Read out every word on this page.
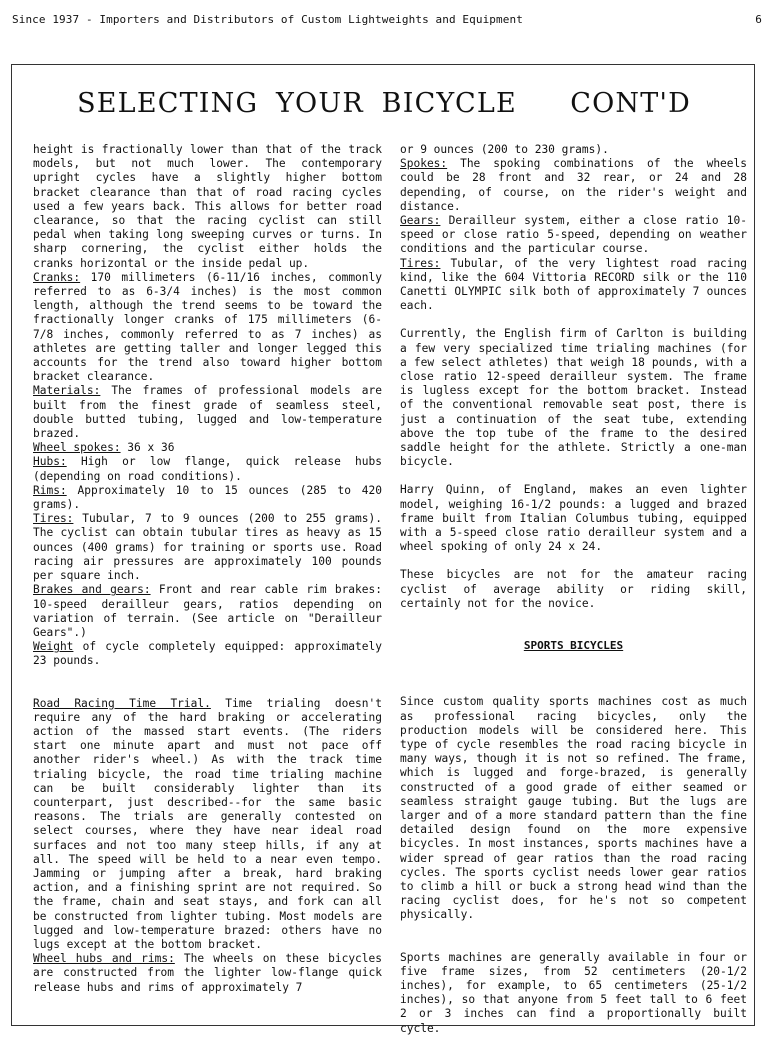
Since 1937 - Importers and Distributors of Custom Lightweights and Equipment	6
SELECTING YOUR BICYCLE   CONT'D

height is fractionally lower than that of the track models, but not much lower. The contemporary upright cycles have a slightly higher bottom bracket clearance than that of road racing cycles used a few years back. This allows for better road clearance, so that the racing cyclist can still pedal when taking long sweeping curves or turns. In sharp cornering, the cyclist either holds the cranks horizontal or the inside pedal up.

Cranks: 170 millimeters (6-11/16 inches, commonly referred to as 6-3/4 inches) is the most common length, although the trend seems to be toward the fractionally longer cranks of 175 millimeters (6-7/8 inches, commonly referred to as 7 inches) as athletes are getting taller and longer legged this accounts for the trend also toward higher bottom bracket clearance.

Materials: The frames of professional models are built from the finest grade of seamless steel, double butted tubing, lugged and low-temperature brazed.

Wheel spokes: 36 x 36

Hubs: High or low flange, quick release hubs (depending on road conditions).

Rims: Approximately 10 to 15 ounces (285 to 420 grams).

Tires: Tubular, 7 to 9 ounces (200 to 255 grams). The cyclist can obtain tubular tires as heavy as 15 ounces (400 grams) for training or sports use. Road racing air pressures are approximately 100 pounds per square inch.

Brakes and gears: Front and rear cable rim brakes: 10-speed derailleur gears, ratios depending on variation of terrain. (See article on "Derailleur Gears".)

Weight of cycle completely equipped: approximately 23 pounds.

Road Racing Time Trial. Time trialing doesn't require any of the hard braking or accelerating action of the massed start events. (The riders start one minute apart and must not pace off another rider's wheel.) As with the track time trialing bicycle, the road time trialing machine can be built considerably lighter than its counterpart, just described--for the same basic reasons. The trials are generally contested on select courses, where they have near ideal road surfaces and not too many steep hills, if any at all. The speed will be held to a near even tempo. Jamming or jumping after a break, hard braking action, and a finishing sprint are not required. So the frame, chain and seat stays, and fork can all be constructed from lighter tubing. Most models are lugged and low-temperature brazed: others have no lugs except at the bottom bracket.

Wheel hubs and rims: The wheels on these bicycles are constructed from the lighter low-flange quick release hubs and rims of approximately 7

or 9 ounces (200 to 230 grams).

Spokes: The spoking combinations of the wheels could be 28 front and 32 rear, or 24 and 28 depending, of course, on the rider's weight and distance.

Gears: Derailleur system, either a close ratio 10-speed or close ratio 5-speed, depending on weather conditions and the particular course.

Tires: Tubular, of the very lightest road racing kind, like the 604 Vittoria RECORD silk or the 110 Canetti OLYMPIC silk both of approximately 7 ounces each.

Currently, the English firm of Carlton is building a few very specialized time trialing machines (for a few select athletes) that weigh 18 pounds, with a close ratio 12-speed derailleur system. The frame is lugless except for the bottom bracket. Instead of the conventional removable seat post, there is just a continuation of the seat tube, extending above the top tube of the frame to the desired saddle height for the athlete. Strictly a one-man bicycle.

Harry Quinn, of England, makes an even lighter model, weighing 16-1/2 pounds: a lugged and brazed frame built from Italian Columbus tubing, equipped with a 5-speed close ratio derailleur system and a wheel spoking of only 24 x 24.

These bicycles are not for the amateur racing cyclist of average ability or riding skill, certainly not for the novice.

SPORTS BICYCLES

Since custom quality sports machines cost as much as professional racing bicycles, only the production models will be considered here. This type of cycle resembles the road racing bicycle in many ways, though it is not so refined. The frame, which is lugged and forge-brazed, is generally constructed of a good grade of either seamed or seamless straight gauge tubing. But the lugs are larger and of a more standard pattern than the fine detailed design found on the more expensive bicycles. In most instances, sports machines have a wider spread of gear ratios than the road racing cycles. The sports cyclist needs lower gear ratios to climb a hill or buck a strong head wind than the racing cyclist does, for he's not so competent physically.

Sports machines are generally available in four or five frame sizes, from 52 centimeters (20-1/2 inches), for example, to 65 centimeters (25-1/2 inches), so that anyone from 5 feet tall to 6 feet 2 or 3 inches can find a proportionally built cycle.
